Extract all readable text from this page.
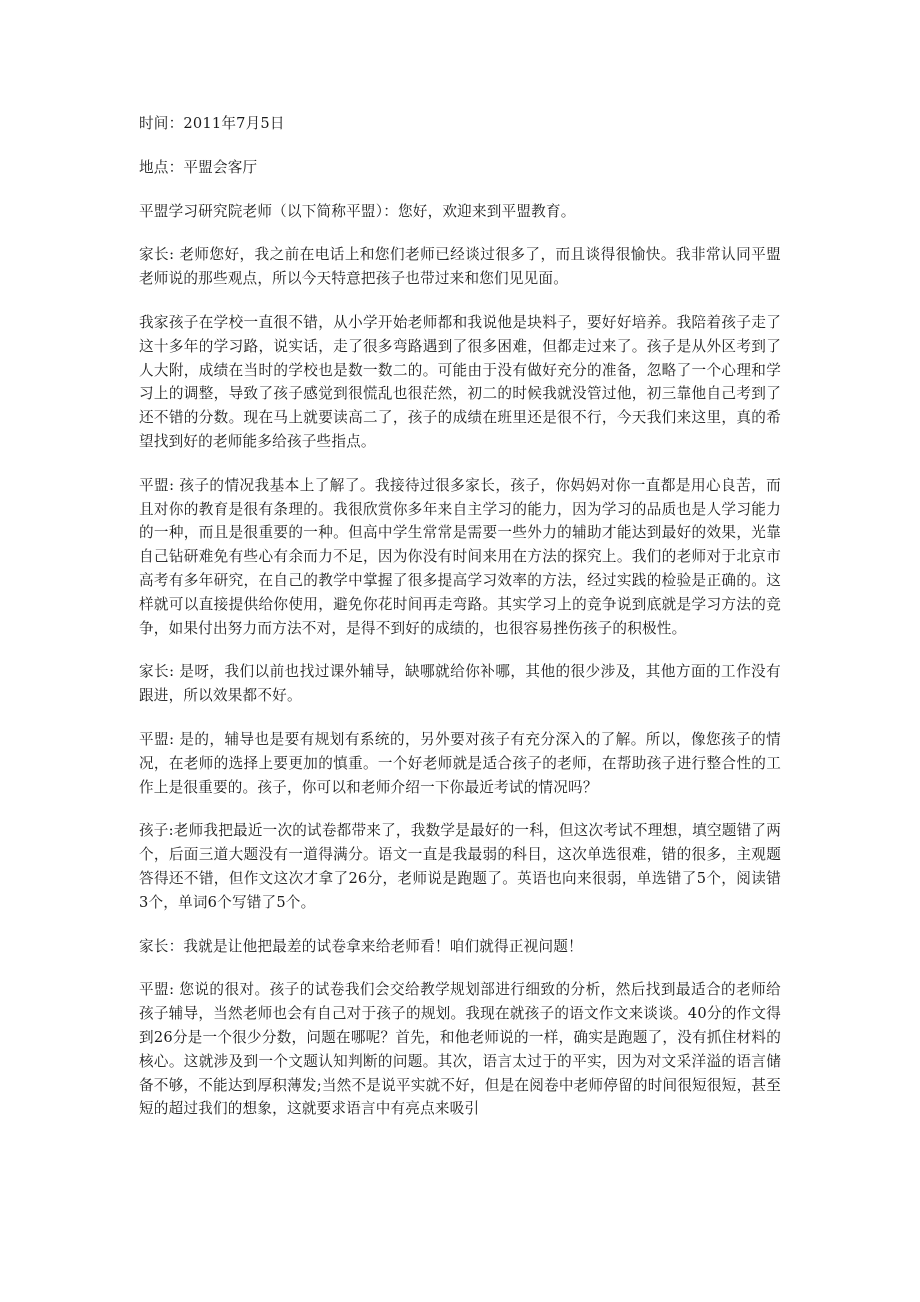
时间：2011年7月5日

地点：平盟会客厅

平盟学习研究院老师（以下简称平盟）：您好，欢迎来到平盟教育。

家长: 老师您好，我之前在电话上和您们老师已经谈过很多了，而且谈得很愉快。我非常认同平盟老师说的那些观点，所以今天特意把孩子也带过来和您们见见面。

我家孩子在学校一直很不错，从小学开始老师都和我说他是块料子，要好好培养。我陪着孩子走了这十多年的学习路，说实话，走了很多弯路遇到了很多困难，但都走过来了。孩子是从外区考到了人大附，成绩在当时的学校也是数一数二的。可能由于没有做好充分的准备，忽略了一个心理和学习上的调整，导致了孩子感觉到很慌乱也很茫然，初二的时候我就没管过他，初三靠他自己考到了还不错的分数。现在马上就要读高二了，孩子的成绩在班里还是很不行，今天我们来这里，真的希望找到好的老师能多给孩子些指点。

平盟: 孩子的情况我基本上了解了。我接待过很多家长，孩子，你妈妈对你一直都是用心良苦，而且对你的教育是很有条理的。我很欣赏你多年来自主学习的能力，因为学习的品质也是人学习能力的一种，而且是很重要的一种。但高中学生常常是需要一些外力的辅助才能达到最好的效果，光靠自己钻研难免有些心有余而力不足，因为你没有时间来用在方法的探究上。我们的老师对于北京市高考有多年研究，在自己的教学中掌握了很多提高学习效率的方法，经过实践的检验是正确的。这样就可以直接提供给你使用，避免你花时间再走弯路。其实学习上的竞争说到底就是学习方法的竞争，如果付出努力而方法不对，是得不到好的成绩的，也很容易挫伤孩子的积极性。

家长: 是呀，我们以前也找过课外辅导，缺哪就给你补哪，其他的很少涉及，其他方面的工作没有跟进，所以效果都不好。

平盟: 是的，辅导也是要有规划有系统的，另外要对孩子有充分深入的了解。所以，像您孩子的情况，在老师的选择上要更加的慎重。一个好老师就是适合孩子的老师，在帮助孩子进行整合性的工作上是很重要的。孩子，你可以和老师介绍一下你最近考试的情况吗？

孩子:老师我把最近一次的试卷都带来了，我数学是最好的一科，但这次考试不理想，填空题错了两个，后面三道大题没有一道得满分。语文一直是我最弱的科目，这次单选很难，错的很多，主观题答得还不错，但作文这次才拿了26分，老师说是跑题了。英语也向来很弱，单选错了5个，阅读错3个，单词6个写错了5个。

家长：我就是让他把最差的试卷拿来给老师看！咱们就得正视问题！

平盟: 您说的很对。孩子的试卷我们会交给教学规划部进行细致的分析，然后找到最适合的老师给孩子辅导，当然老师也会有自己对于孩子的规划。我现在就孩子的语文作文来谈谈。40分的作文得到26分是一个很少分数，问题在哪呢？首先，和他老师说的一样，确实是跑题了，没有抓住材料的核心。这就涉及到一个文题认知判断的问题。其次，语言太过于的平实，因为对文采洋溢的语言储备不够，不能达到厚积薄发;当然不是说平实就不好，但是在阅卷中老师停留的时间很短很短，甚至短的超过我们的想象，这就要求语言中有亮点来吸引
